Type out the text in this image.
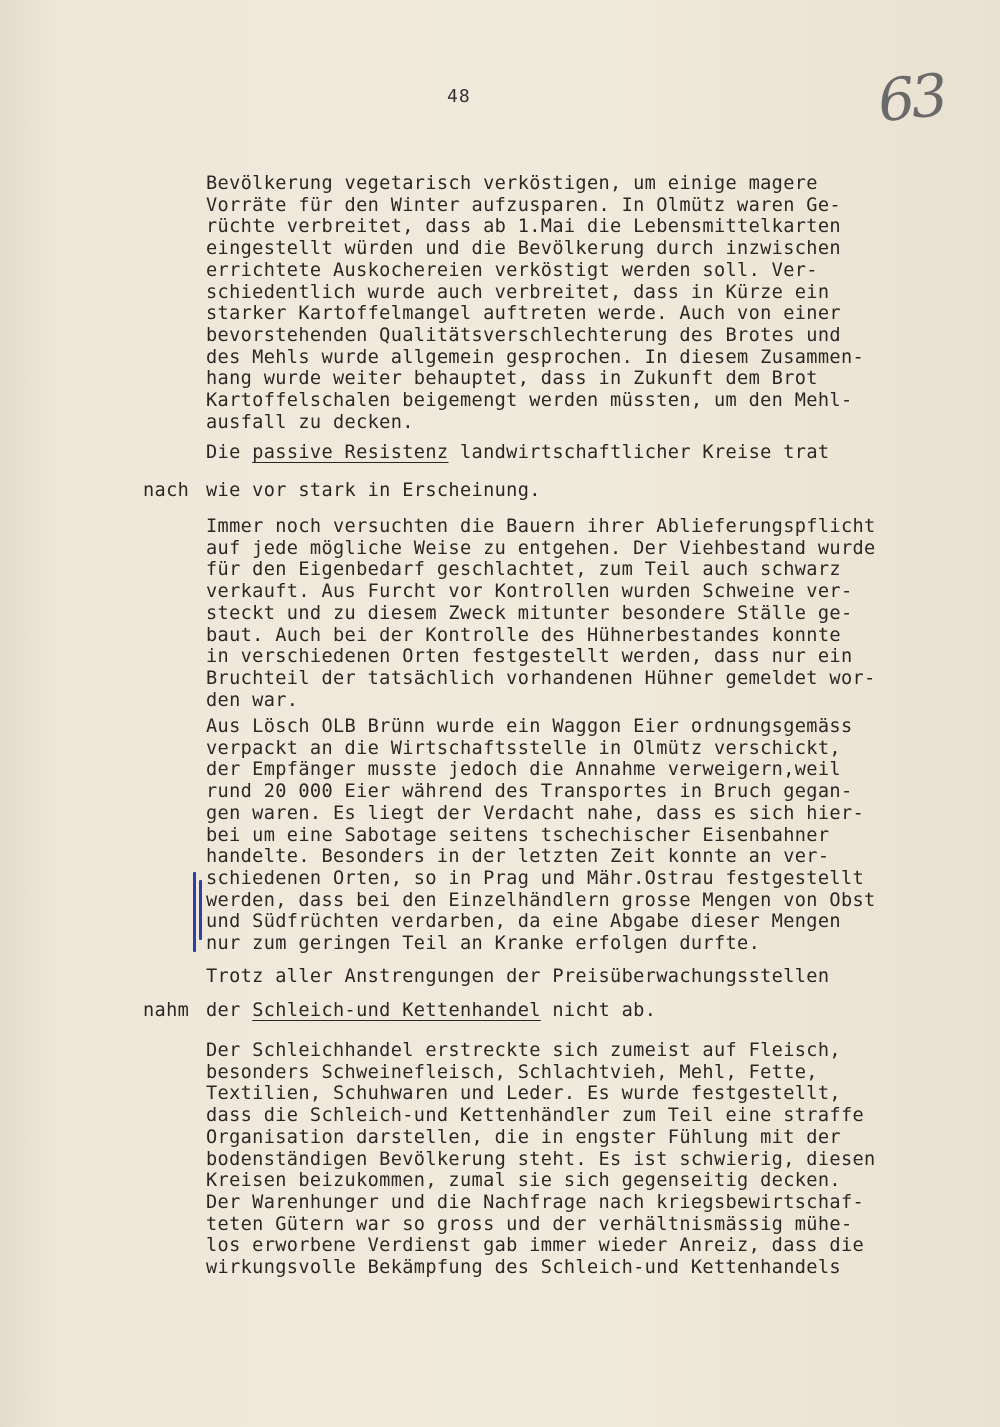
48	63

Bevölkerung vegetarisch verköstigen, um einige magere
Vorräte für den Winter aufzusparen. In Olmütz waren Ge-
rüchte verbreitet, dass ab 1.Mai die Lebensmittelkarten
eingestellt würden und die Bevölkerung durch inzwischen
errichtete Auskochereien verköstigt werden soll. Ver-
schiedentlich wurde auch verbreitet, dass in Kürze ein
starker Kartoffelmangel auftreten werde. Auch von einer
bevorstehenden Qualitätsverschlechterung des Brotes und
des Mehls wurde allgemein gesprochen. In diesem Zusammen-
hang wurde weiter behauptet, dass in Zukunft dem Brot
Kartoffelschalen beigemengt werden müssten, um den Mehl-
ausfall zu decken.

Die passive Resistenz landwirtschaftlicher Kreise trat

nach wie vor stark in Erscheinung.

Immer noch versuchten die Bauern ihrer Ablieferungspflicht
auf jede mögliche Weise zu entgehen. Der Viehbestand wurde
für den Eigenbedarf geschlachtet, zum Teil auch schwarz
verkauft. Aus Furcht vor Kontrollen wurden Schweine ver-
steckt und zu diesem Zweck mitunter besondere Ställe ge-
baut. Auch bei der Kontrolle des Hühnerbestandes konnte
in verschiedenen Orten festgestellt werden, dass nur ein
Bruchteil der tatsächlich vorhandenen Hühner gemeldet wor-
den war.

Aus Lösch OLB Brünn wurde ein Waggon Eier ordnungsgemäss
verpackt an die Wirtschaftsstelle in Olmütz verschickt,
der Empfänger musste jedoch die Annahme verweigern,weil
rund 20 000 Eier während des Transportes in Bruch gegan-
gen waren. Es liegt der Verdacht nahe, dass es sich hier-
bei um eine Sabotage seitens tschechischer Eisenbahner
handelte. Besonders in der letzten Zeit konnte an ver-
schiedenen Orten, so in Prag und Mähr.Ostrau festgestellt
werden, dass bei den Einzelhändlern grosse Mengen von Obst
und Südfrüchten verdarben, da eine Abgabe dieser Mengen
nur zum geringen Teil an Kranke erfolgen durfte.

Trotz aller Anstrengungen der Preisüberwachungsstellen

nahm der Schleich-und Kettenhandel nicht ab.

Der Schleichhandel erstreckte sich zumeist auf Fleisch,
besonders Schweinefleisch, Schlachtvieh, Mehl, Fette,
Textilien, Schuhwaren und Leder. Es wurde festgestellt,
dass die Schleich-und Kettenhändler zum Teil eine straffe
Organisation darstellen, die in engster Fühlung mit der
bodenständigen Bevölkerung steht. Es ist schwierig, diesen
Kreisen beizukommen, zumal sie sich gegenseitig decken.
Der Warenhunger und die Nachfrage nach kriegsbewirtschaf-
teten Gütern war so gross und der verhältnismässig mühe-
los erworbene Verdienst gab immer wieder Anreiz, dass die
wirkungsvolle Bekämpfung des Schleich-und Kettenhandels
